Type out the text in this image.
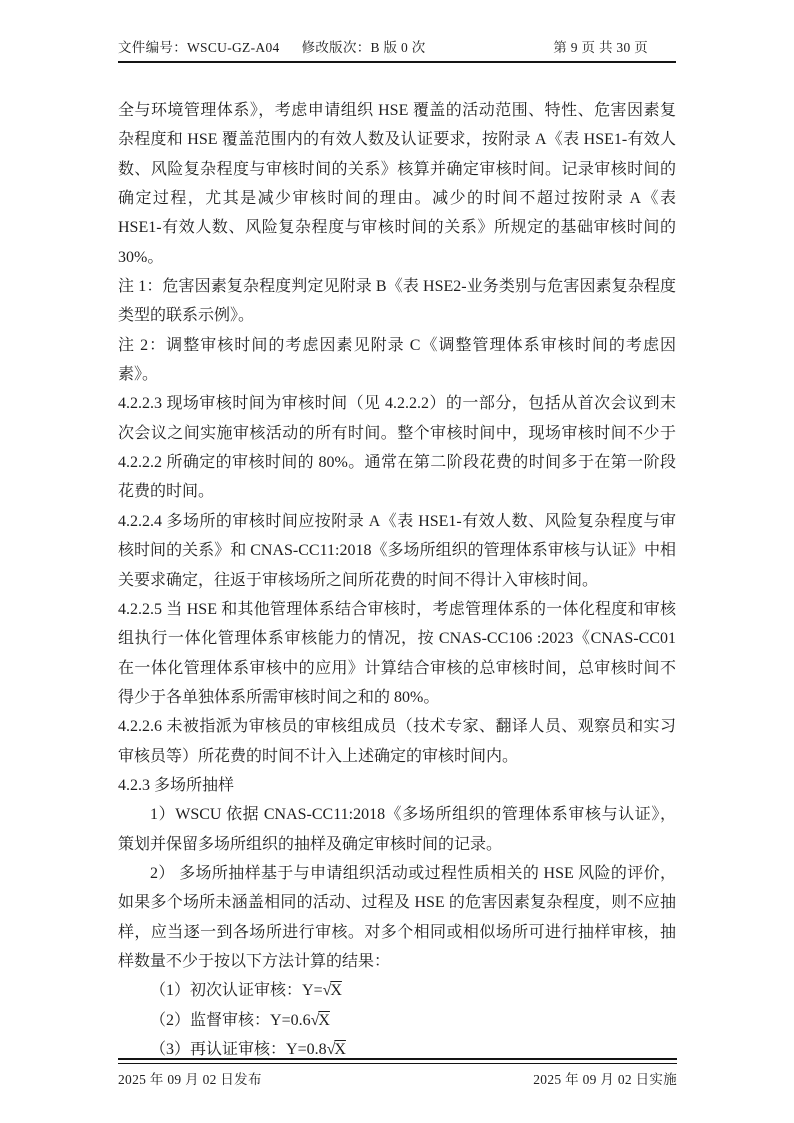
文件编号：WSCU-GZ-A04 修改版次：B 版 0 次	第 9 页 共 30 页

全与环境管理体系》，考虑申请组织 HSE 覆盖的活动范围、特性、危害因素复杂程度和 HSE 覆盖范围内的有效人数及认证要求，按附录 A《表 HSE1-有效人数、风险复杂程度与审核时间的关系》核算并确定审核时间。记录审核时间的确定过程，尤其是减少审核时间的理由。减少的时间不超过按附录 A《表 HSE1-有效人数、风险复杂程度与审核时间的关系》所规定的基础审核时间的 30%。

注 1：危害因素复杂程度判定见附录 B《表 HSE2-业务类别与危害因素复杂程度类型的联系示例》。

注 2：调整审核时间的考虑因素见附录 C《调整管理体系审核时间的考虑因素》。

4.2.2.3 现场审核时间为审核时间（见 4.2.2.2）的一部分，包括从首次会议到末次会议之间实施审核活动的所有时间。整个审核时间中，现场审核时间不少于 4.2.2.2 所确定的审核时间的 80%。通常在第二阶段花费的时间多于在第一阶段花费的时间。

4.2.2.4 多场所的审核时间应按附录 A《表 HSE1-有效人数、风险复杂程度与审核时间的关系》和 CNAS-CC11:2018《多场所组织的管理体系审核与认证》中相关要求确定，往返于审核场所之间所花费的时间不得计入审核时间。

4.2.2.5 当 HSE 和其他管理体系结合审核时，考虑管理体系的一体化程度和审核组执行一体化管理体系审核能力的情况，按 CNAS-CC106 :2023《CNAS-CC01 在一体化管理体系审核中的应用》计算结合审核的总审核时间，总审核时间不得少于各单独体系所需审核时间之和的 80%。

4.2.2.6 未被指派为审核员的审核组成员（技术专家、翻译人员、观察员和实习审核员等）所花费的时间不计入上述确定的审核时间内。

4.2.3 多场所抽样

1）WSCU 依据 CNAS-CC11:2018《多场所组织的管理体系审核与认证》，策划并保留多场所组织的抽样及确定审核时间的记录。

2） 多场所抽样基于与申请组织活动或过程性质相关的 HSE 风险的评价，如果多个场所未涵盖相同的活动、过程及 HSE 的危害因素复杂程度，则不应抽样，应当逐一到各场所进行审核。对多个相同或相似场所可进行抽样审核，抽样数量不少于按以下方法计算的结果：

（1）初次认证审核：Y=√X

（2）监督审核：Y=0.6√X

（3）再认证审核：Y=0.8√X

2025 年 09 月 02 日发布	2025 年 09 月 02 日实施
